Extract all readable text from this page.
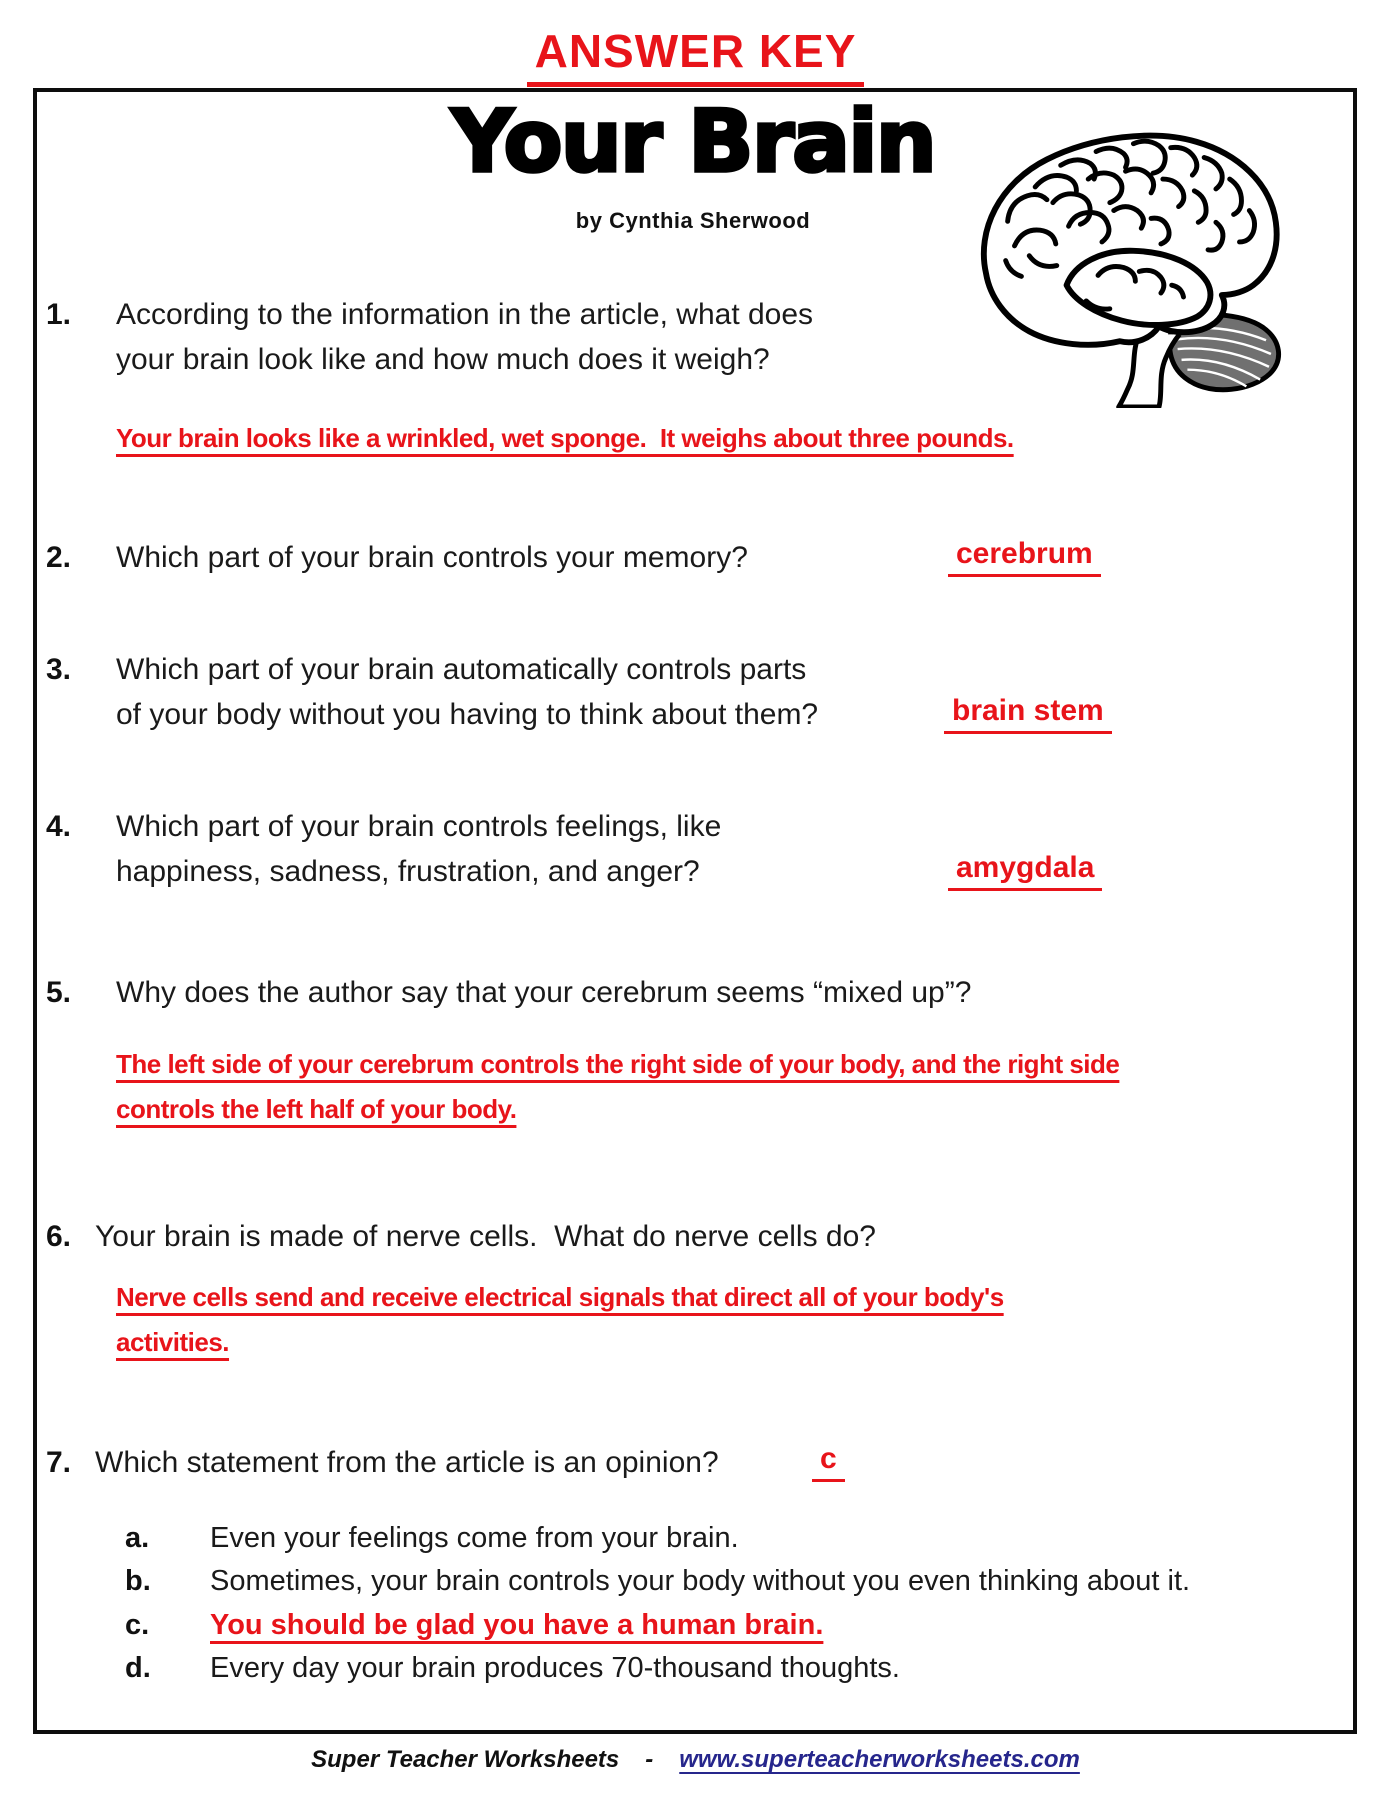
ANSWER KEY
Your Brain
by Cynthia Sherwood
1. According to the information in the article, what does
your brain look like and how much does it weigh?
Your brain looks like a wrinkled, wet sponge.  It weighs about three pounds.
2. Which part of your brain controls your memory?	cerebrum
3. Which part of your brain automatically controls parts
of your body without you having to think about them?	brain stem
4. Which part of your brain controls feelings, like
happiness, sadness, frustration, and anger?	amygdala
5. Why does the author say that your cerebrum seems “mixed up”?
The left side of your cerebrum controls the right side of your body, and the right side
controls the left half of your body.
6. Your brain is made of nerve cells.  What do nerve cells do?
Nerve cells send and receive electrical signals that direct all of your body's
activities.
7. Which statement from the article is an opinion?	c
a. Even your feelings come from your brain.
b. Sometimes, your brain controls your body without you even thinking about it.
c. You should be glad you have a human brain.
d. Every day your brain produces 70-thousand thoughts.
Super Teacher Worksheets - www.superteacherworksheets.com
